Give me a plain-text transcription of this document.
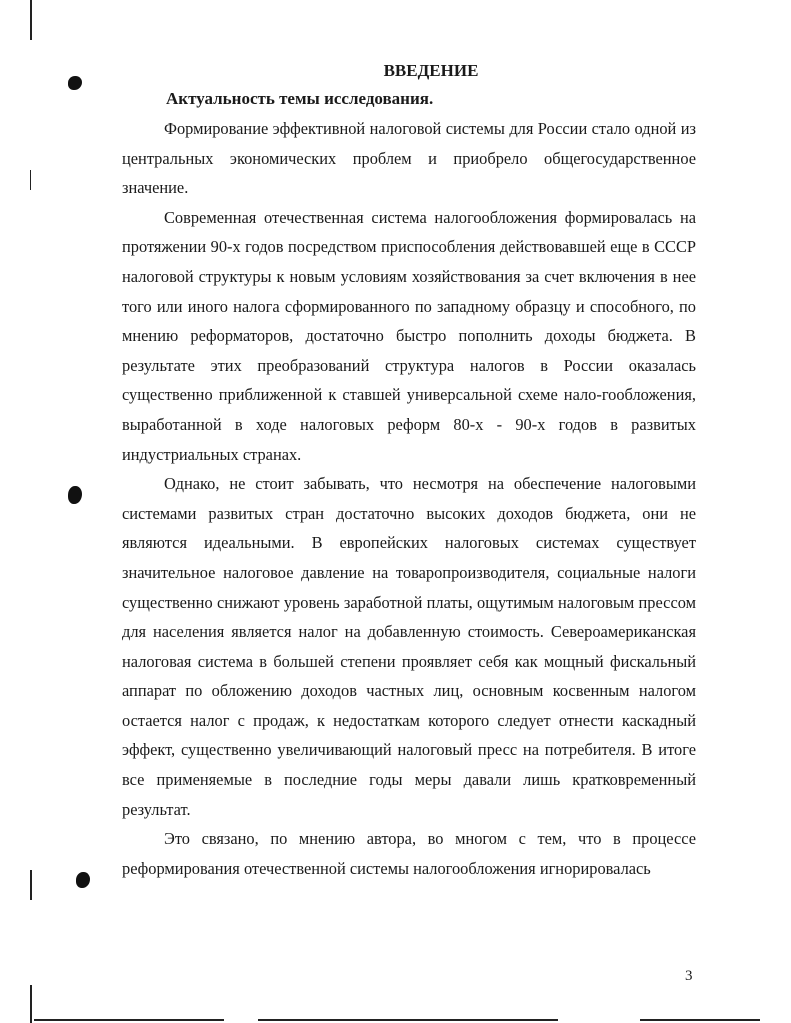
ВВЕДЕНИЕ
Актуальность темы исследования.

Формирование эффективной налоговой системы для России стало одной из центральных экономических проблем и приобрело общегосударственное значение.

Современная отечественная система налогообложения формировалась на протяжении 90-х годов посредством приспособления действовавшей еще в СССР налоговой структуры к новым условиям хозяйствования за счет включения в нее того или иного налога сформированного по западному образцу и способного, по мнению реформаторов, достаточно быстро пополнить доходы бюджета. В результате этих преобразований структура налогов в России оказалась существенно приближенной к ставшей универсальной схеме нало-гообложения, выработанной в ходе налоговых реформ 80-х - 90-х годов в развитых индустриальных странах.

Однако, не стоит забывать, что несмотря на обеспечение налоговыми системами развитых стран достаточно высоких доходов бюджета, они не являются идеальными. В европейских налоговых системах существует значительное налоговое давление на товаропроизводителя, социальные налоги существенно снижают уровень заработной платы, ощутимым налоговым прессом для населения является налог на добавленную стоимость. Североамериканская налоговая система в большей степени проявляет себя как мощный фискальный аппарат по обложению доходов частных лиц, основным косвенным налогом остается налог с продаж, к недостаткам которого следует отнести каскадный эффект, существенно увеличивающий налоговый пресс на потребителя. В итоге все применяемые в последние годы меры давали лишь кратковременный результат.

Это связано, по мнению автора, во многом с тем, что в процессе реформирования отечественной системы налогообложения игнорировалась

3
